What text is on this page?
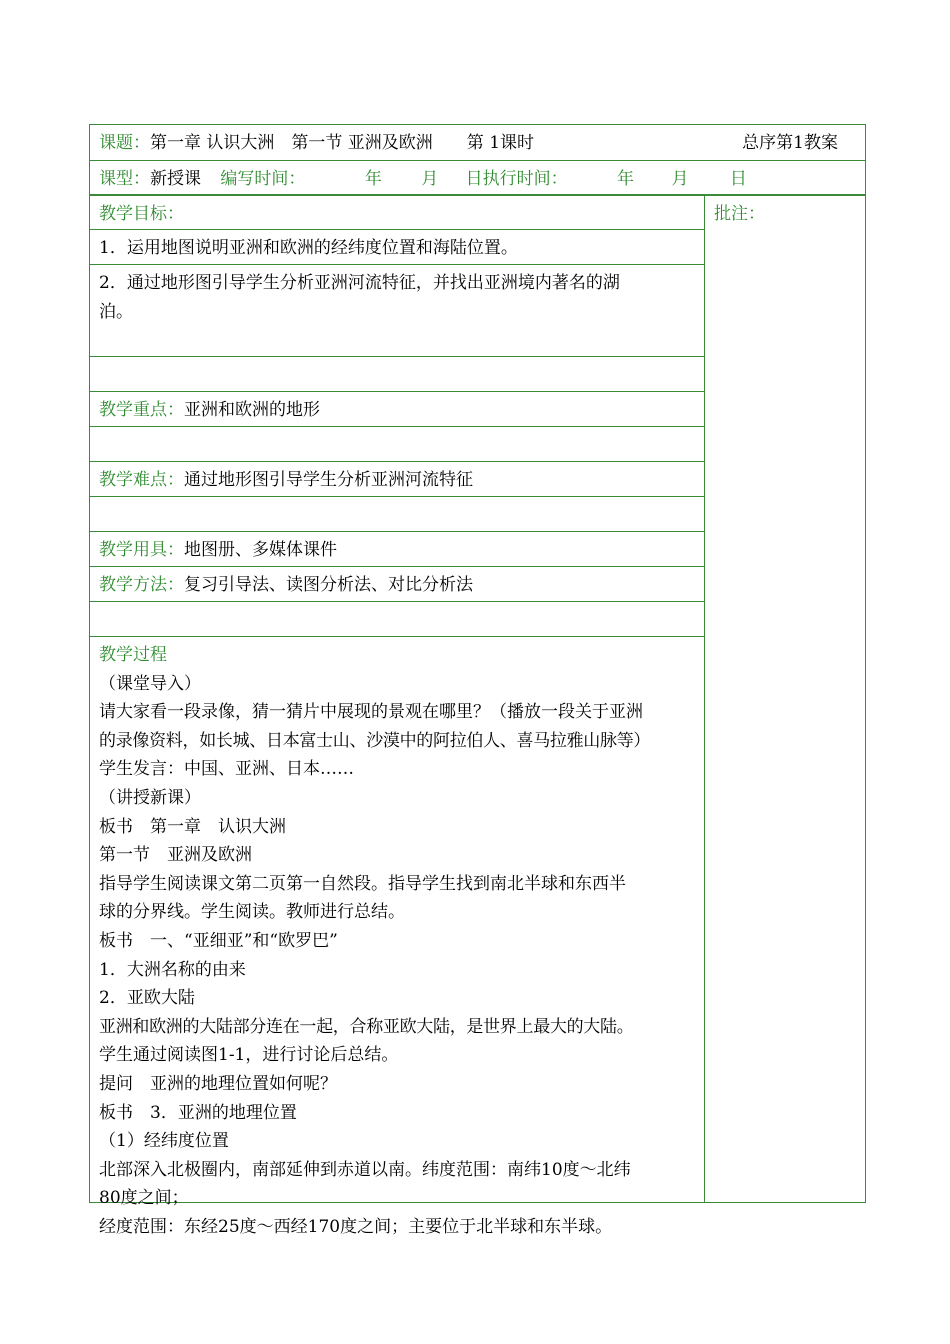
课题：第一章 认识大洲　第一节 亚洲及欧洲　　第 1课时	总序第1教案
课型：新授课 编写时间：	年 月 日执行时间：	年 月 日
教学目标：
1．运用地图说明亚洲和欧洲的经纬度位置和海陆位置。
2．通过地形图引导学生分析亚洲河流特征，并找出亚洲境内著名的湖
泊。
教学重点：亚洲和欧洲的地形
教学难点：通过地形图引导学生分析亚洲河流特征
教学用具：地图册、多媒体课件
教学方法：复习引导法、读图分析法、对比分析法
教学过程
（课堂导入）
请大家看一段录像，猜一猜片中展现的景观在哪里？（播放一段关于亚洲
的录像资料，如长城、日本富士山、沙漠中的阿拉伯人、喜马拉雅山脉等）
学生发言：中国、亚洲、日本……
（讲授新课）
板书　第一章　认识大洲
第一节　亚洲及欧洲
指导学生阅读课文第二页第一自然段。指导学生找到南北半球和东西半
球的分界线。学生阅读。教师进行总结。
板书　一、“亚细亚”和“欧罗巴”
1．大洲名称的由来
2．亚欧大陆
亚洲和欧洲的大陆部分连在一起，合称亚欧大陆，是世界上最大的大陆。
学生通过阅读图1-1，进行讨论后总结。
提问　亚洲的地理位置如何呢？
板书　3．亚洲的地理位置
（1）经纬度位置
北部深入北极圈内，南部延伸到赤道以南。纬度范围：南纬10度～北纬
80度之间；
经度范围：东经25度～西经170度之间；主要位于北半球和东半球。
批注：
